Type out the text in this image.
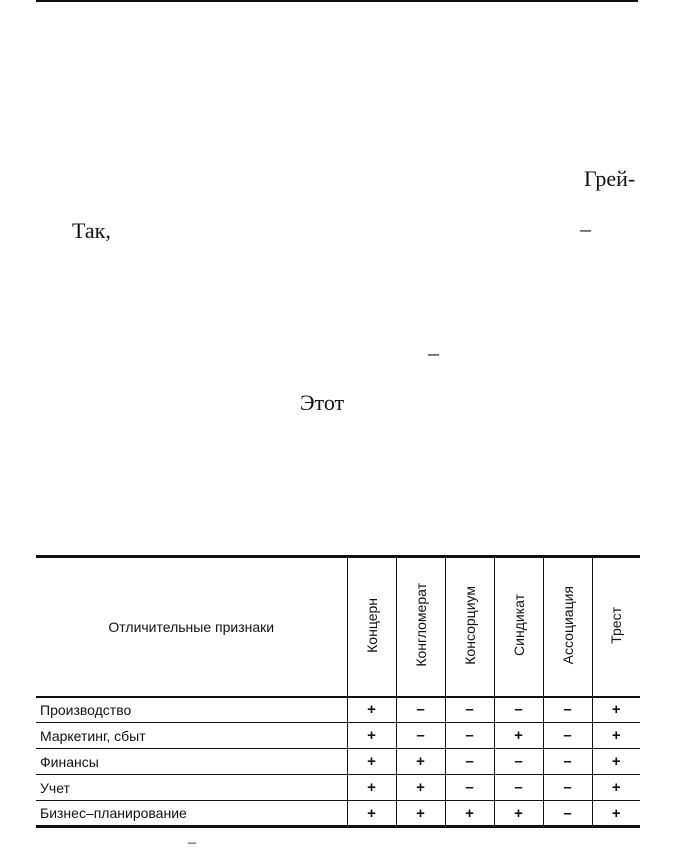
Грей-
Так,	–
–
Этот
–
Отличительные признаки	Концерн	Конгломерат	Консорциум	Синдикат	Ассоциация	Трест
Производство	+	–	–	–	–	+
Маркетинг, сбыт	+	–	–	+	–	+
Финансы	+	+	–	–	–	+
Учет	+	+	–	–	–	+
Бизнес–планирование	+	+	+	+	–	+
